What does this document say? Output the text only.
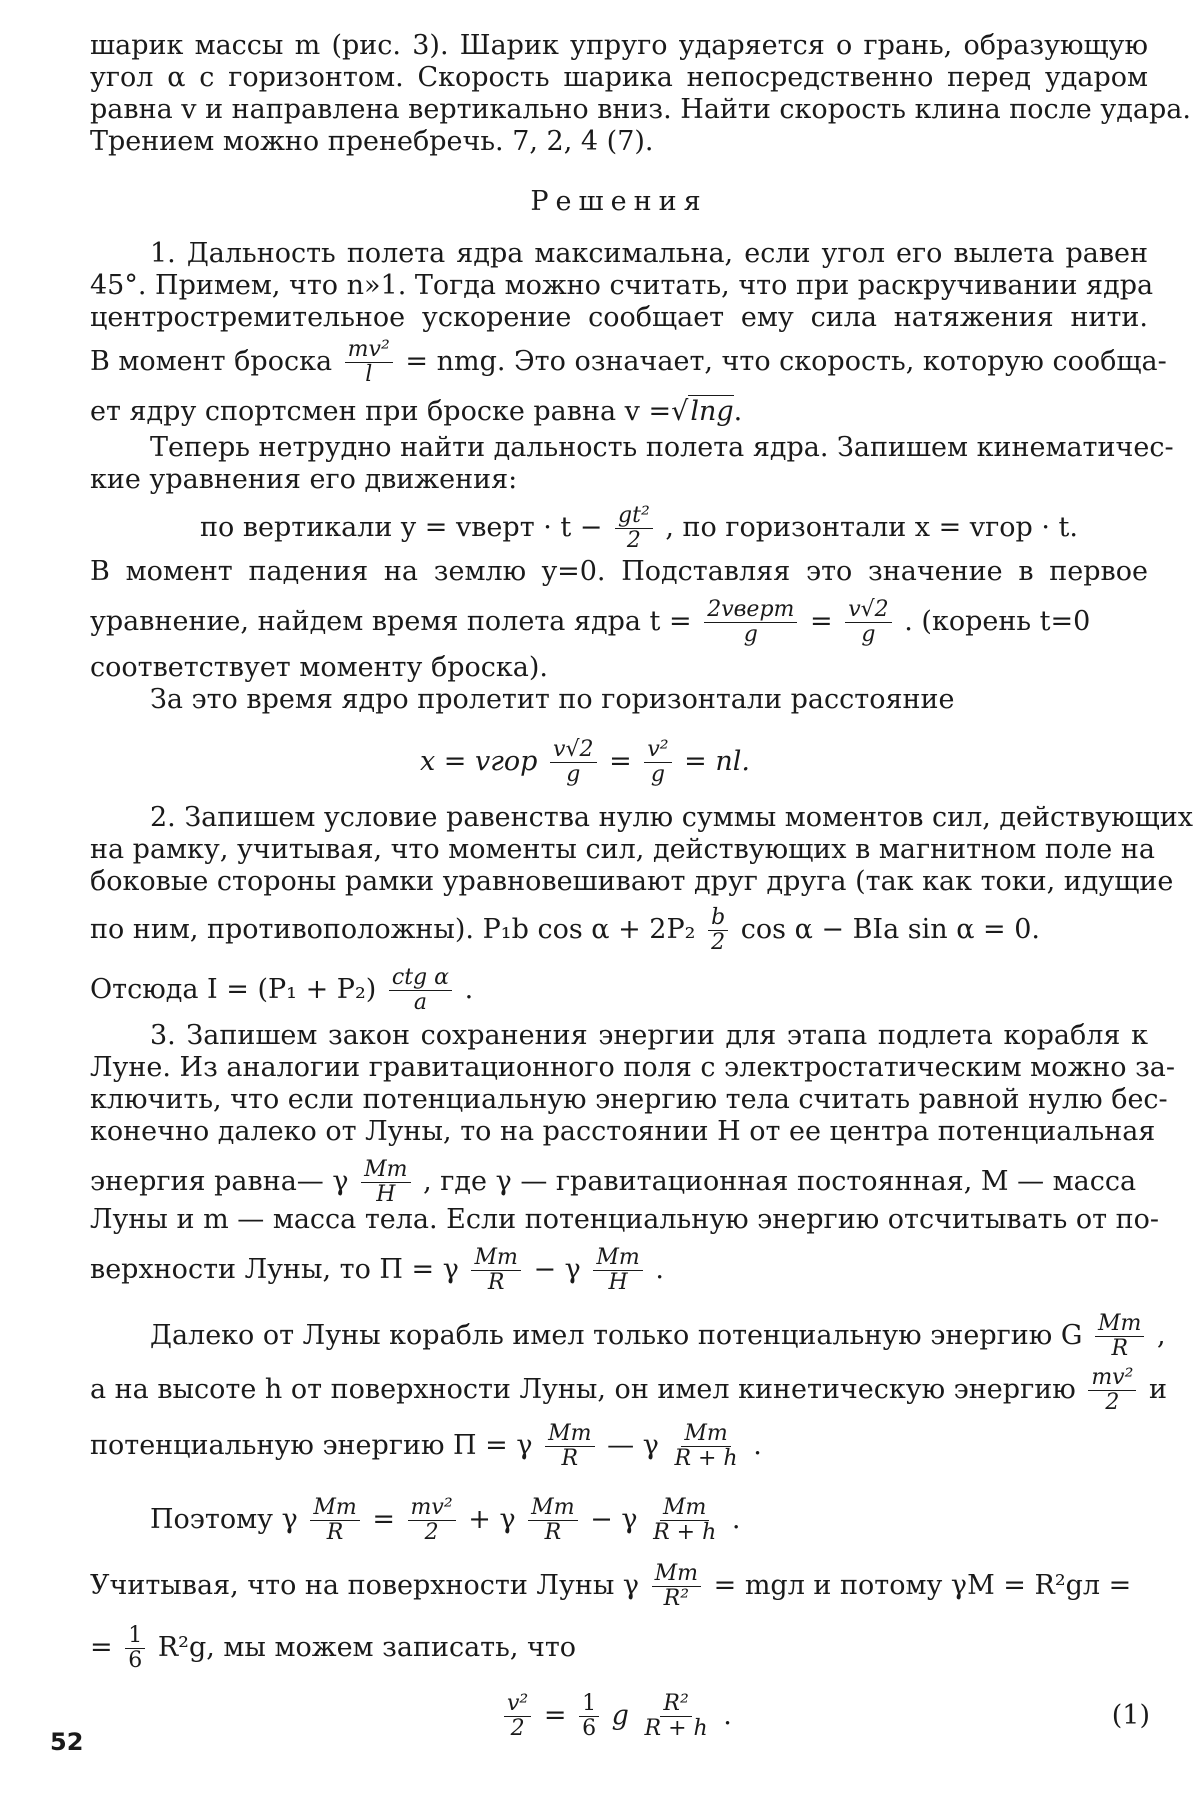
шарик массы m (рис. 3). Шарик упруго ударяется о грань, образующую
угол α с горизонтом. Скорость шарика непосредственно перед ударом
равна v и направлена вертикально вниз. Найти скорость клина после удара.
Трением можно пренебречь. 7, 2, 4 (7).
Решения
1. Дальность полета ядра максимальна, если угол его вылета равен
45°. Примем, что n»1. Тогда можно считать, что при раскручивании ядра
центростремительное ускорение сообщает ему сила натяжения нити.
В момент броска $\frac{\text{mv²}}{l}$ = nmg. Это означает, что скорость, которую сообща-
ет ядру спортсмен при броске равна v =√lng.
Теперь нетрудно найти дальность полета ядра. Запишем кинематичес-
кие уравнения его движения:
по вертикали y = vверт · $t - \frac{\text{gt²}}{2}$ , по горизонтали x = vгор · t.
В момент падения на землю y=0. Подставляя это значение в первое
уравнение, найдем время полета ядра $t = \frac{\text{2vверт}}{g} = \frac{v√2}{g}$ . (корень t=0
соответствует моменту броска).
За это время ядро пролетит по горизонтали расстояние
x = vгор $\frac{v√2}{g} = \frac{\text{v²}}{g}$ = nl.
2. Запишем условие равенства нулю суммы моментов сил, действующих
на рамку, учитывая, что моменты сил, действующих в магнитном поле на
боковые стороны рамки уравновешивают друг друга (так как токи, идущие
по ним, противоположны). P₁b $\cos \alpha + 2P_2 \frac{b}{2}$ cos α − BIa sin α = 0.
Отсюда $I = (P_1 + P_2) \frac{\text{ctg α}}{a}$ .
3. Запишем закон сохранения энергии для этапа подлета корабля к
Луне. Из аналогии гравитационного поля с электростатическим можно за-
ключить, что если потенциальную энергию тела считать равной нулю бес-
конечно далеко от Луны, то на расстоянии H от ее центра потенциальная
энергия равна— γ $\frac{Mm}{H}$ , где γ — гравитационная постоянная, M — масса
Луны и m — масса тела. Если потенциальную энергию отсчитывать от по-
верхности Луны, то П = γ $\frac{Mm}{R} - \gamma \frac{Mm}{H}$ .
Далеко от Луны корабль имел только потенциальную энергию G $\frac{Mm}{R}$ ,
а на высоте h от поверхности Луны, он имел кинетическую энергию $\frac{\text{mv²}}{2}$ и
потенциальную энергию П = γ $\frac{Mm}{R}$ — γ $\frac{Mm}{R + h}$ .
Поэтому γ $\frac{Mm}{R} = \frac{\text{mv²}}{2} + \gamma \frac{Mm}{R} - \gamma \frac{Mm}{R + h}$ .
Учитывая, что на поверхности Луны γ $\frac{Mm}{\text{R²}}$ = mgл и потому γM = R²gл =
= $\frac{1}{6} R^2g$, мы можем записать, что
$\frac{\text{v²}}{2} = \frac{1}{6}$ g $\frac{\text{R²}}{R + h}$ .	(1)
52
